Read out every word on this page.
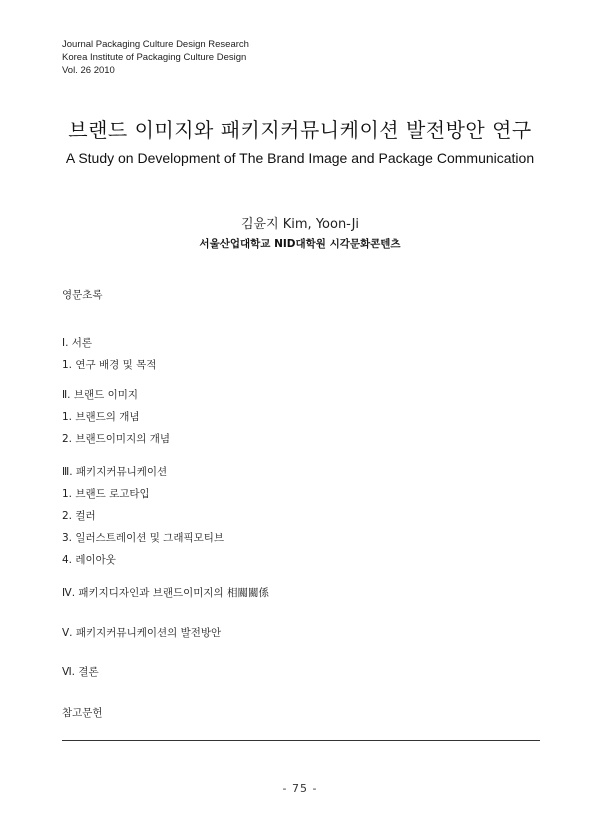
Journal Packaging Culture Design Research
Korea Institute of Packaging Culture Design
Vol. 26 2010
브랜드 이미지와 패키지커뮤니케이션 발전방안 연구
A Study on Development of The Brand Image and Package Communication
김윤지 Kim, Yoon-Ji
서울산업대학교 NID대학원 시각문화콘텐츠
영문초록
Ⅰ. 서론
1. 연구 배경 및 목적
Ⅱ. 브랜드 이미지
1. 브랜드의 개념
2. 브랜드이미지의 개념
Ⅲ. 패키지커뮤니케이션
1. 브랜드 로고타입
2. 컬러
3. 일러스트레이션 및 그래픽모티브
4. 레이아웃
Ⅳ. 패키지디자인과 브랜드이미지의 相關關係
Ⅴ. 패키지커뮤니케이션의 발전방안
Ⅵ. 결론
참고문헌
- 75 -
